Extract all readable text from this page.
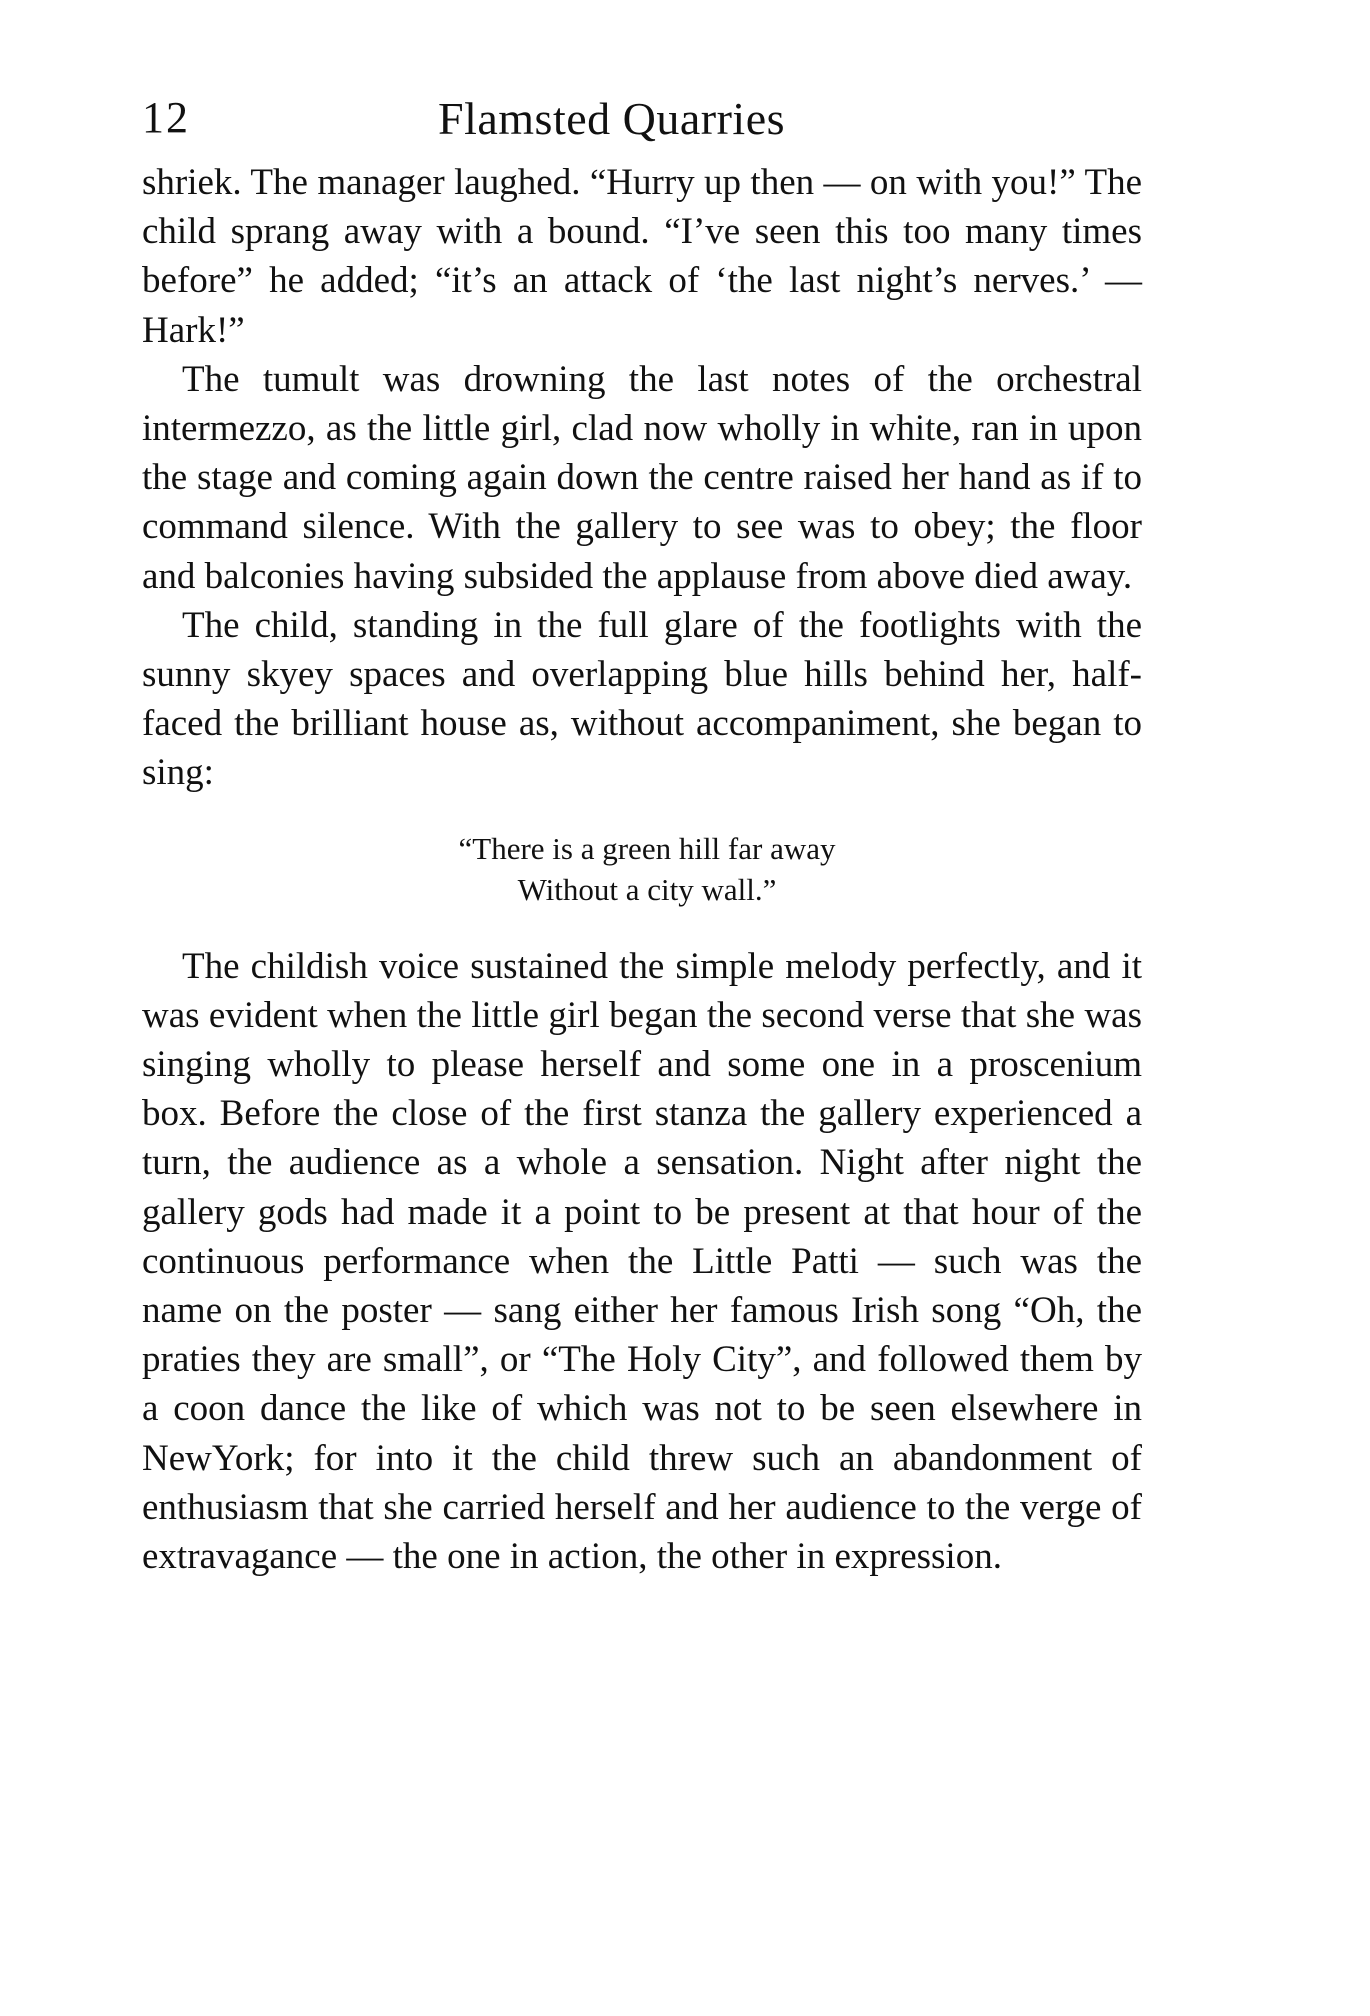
12	Flamsted Quarries

shriek. The manager laughed. “Hurry up then — on with you!” The child sprang away with a bound. “I’ve seen this too many times before” he added; “it’s an attack of ‘the last night’s nerves.’ — Hark!”

The tumult was drowning the last notes of the orchestral intermezzo, as the little girl, clad now wholly in white, ran in upon the stage and coming again down the centre raised her hand as if to command silence. With the gallery to see was to obey; the floor and balconies having subsided the applause from above died away.

The child, standing in the full glare of the footlights with the sunny skyey spaces and overlapping blue hills behind her, half-faced the brilliant house as, without accompaniment, she began to sing:

“There is a green hill far away
Without a city wall.”

The childish voice sustained the simple melody perfectly, and it was evident when the little girl began the second verse that she was singing wholly to please herself and some one in a proscenium box. Before the close of the first stanza the gallery experienced a turn, the audience as a whole a sensation. Night after night the gallery gods had made it a point to be present at that hour of the continuous performance when the Little Patti — such was the name on the poster — sang either her famous Irish song “Oh, the praties they are small”, or “The Holy City”, and followed them by a coon dance the like of which was not to be seen elsewhere in NewYork; for into it the child threw such an abandonment of enthusiasm that she carried herself and her audience to the verge of extravagance — the one in action, the other in expression.
